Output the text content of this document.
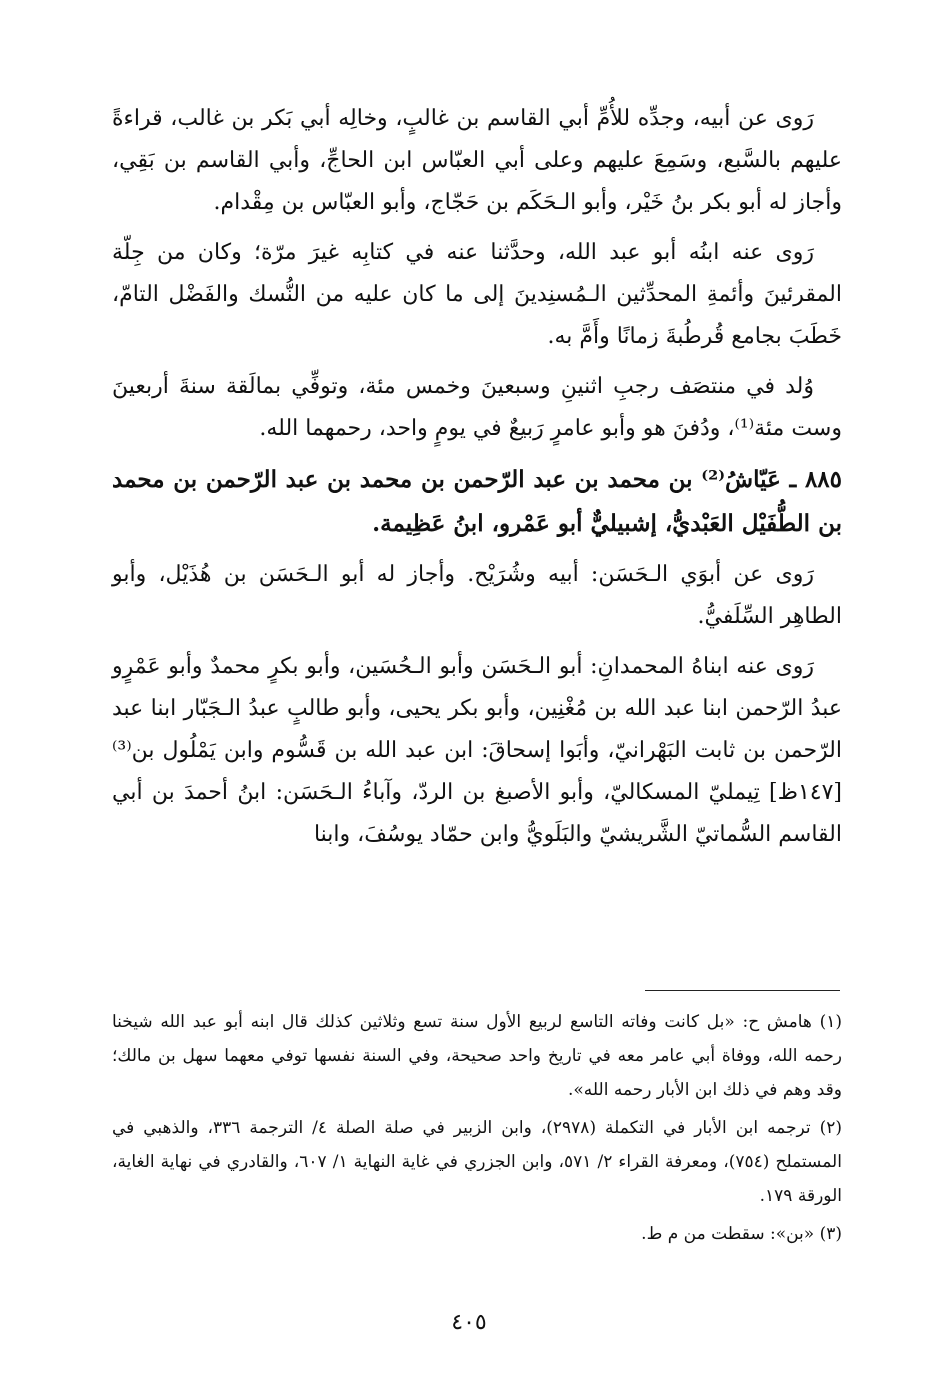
رَوى عن أبيه، وجدِّه للأُمِّ أبي القاسم بن غالبٍ، وخالِه أبي بَكر بن غالب، قراءةً عليهم بالسَّبع، وسَمِعَ عليهم وعلى أبي العبّاس ابن الحاجِّ، وأبي القاسم بن بَقِي، وأجاز له أبو بكر بنُ خَيْر، وأبو الـحَكَم بن حَجّاج، وأبو العبّاس بن مِقْدام.

رَوى عنه ابنُه أبو عبد الله، وحدَّثنا عنه في كتابِه غيرَ مرّة؛ وكان من جِلّة المقرئينَ وأئمةِ المحدِّثين الـمُسنِدينَ إلى ما كان عليه من النُّسك والفَضْل التامّ، خَطَبَ بجامع قُرطُبةَ زمانًا وأَمَّ به.

وُلد في منتصَف رجبِ اثنينِ وسبعينَ وخمس مئة، وتوفِّي بمالَقة سنةَ أربعينَ وست مئة⁽¹⁾، ودُفنَ هو وأبو عامرٍ رَبيعٌ في يومٍ واحد، رحمهما الله.

٨٨٥ ـ عَيّاشُ⁽²⁾ بن محمد بن عبد الرّحمن بن محمد بن عبد الرّحمن بن محمد بن الطُّفَيْل العَبْديُّ، إشبيليٌّ أبو عَمْرو، ابنُ عَظِيمة.

رَوى عن أبوَي الـحَسَن: أبيه وشُرَيْح. وأجاز له أبو الـحَسَن بن هُذَيْل، وأبو الطاهِر السِّلَفيُّ.

رَوى عنه ابناهُ المحمدانِ: أبو الـحَسَن وأبو الـحُسَين، وأبو بكرٍ محمدٌ وأبو عَمْرٍو عبدُ الرّحمن ابنا عبد الله بن مُغْنِين، وأبو بكر يحيى، وأبو طالبٍ عبدُ الـجَبّار ابنا عبد الرّحمن بن ثابت البَهْرانيّ، وأبَوا إسحاقَ: ابن عبد الله بن قَسُّوم وابن يَمْلُول بن⁽³⁾ [١٤٧ظ] تِيمليّ المسكاليّ، وأبو الأصبغ بن الردّ، وآباءُ الـحَسَن: ابنُ أحمدَ بن أبي القاسم السُّماتيّ الشَّريشيّ والبَلَويُّ وابن حمّاد يوسُفَ، وابنا

(١) هامش ح: «بل كانت وفاته التاسع لربيع الأول سنة تسع وثلاثين كذلك قال ابنه أبو عبد الله شيخنا رحمه الله، ووفاة أبي عامر معه في تاريخ واحد صحيحة، وفي السنة نفسها توفي معهما سهل بن مالك؛ وقد وهم في ذلك ابن الأبار رحمه الله».

(٢) ترجمه ابن الأبار في التكملة (٢٩٧٨)، وابن الزبير في صلة الصلة ٤/ الترجمة ٣٣٦، والذهبي في المستملح (٧٥٤)، ومعرفة القراء ٢/ ٥٧١، وابن الجزري في غاية النهاية ١/ ٦٠٧، والقادري في نهاية الغاية، الورقة ١٧٩.

(٣) «بن»: سقطت من م ط.

٤٠٥
